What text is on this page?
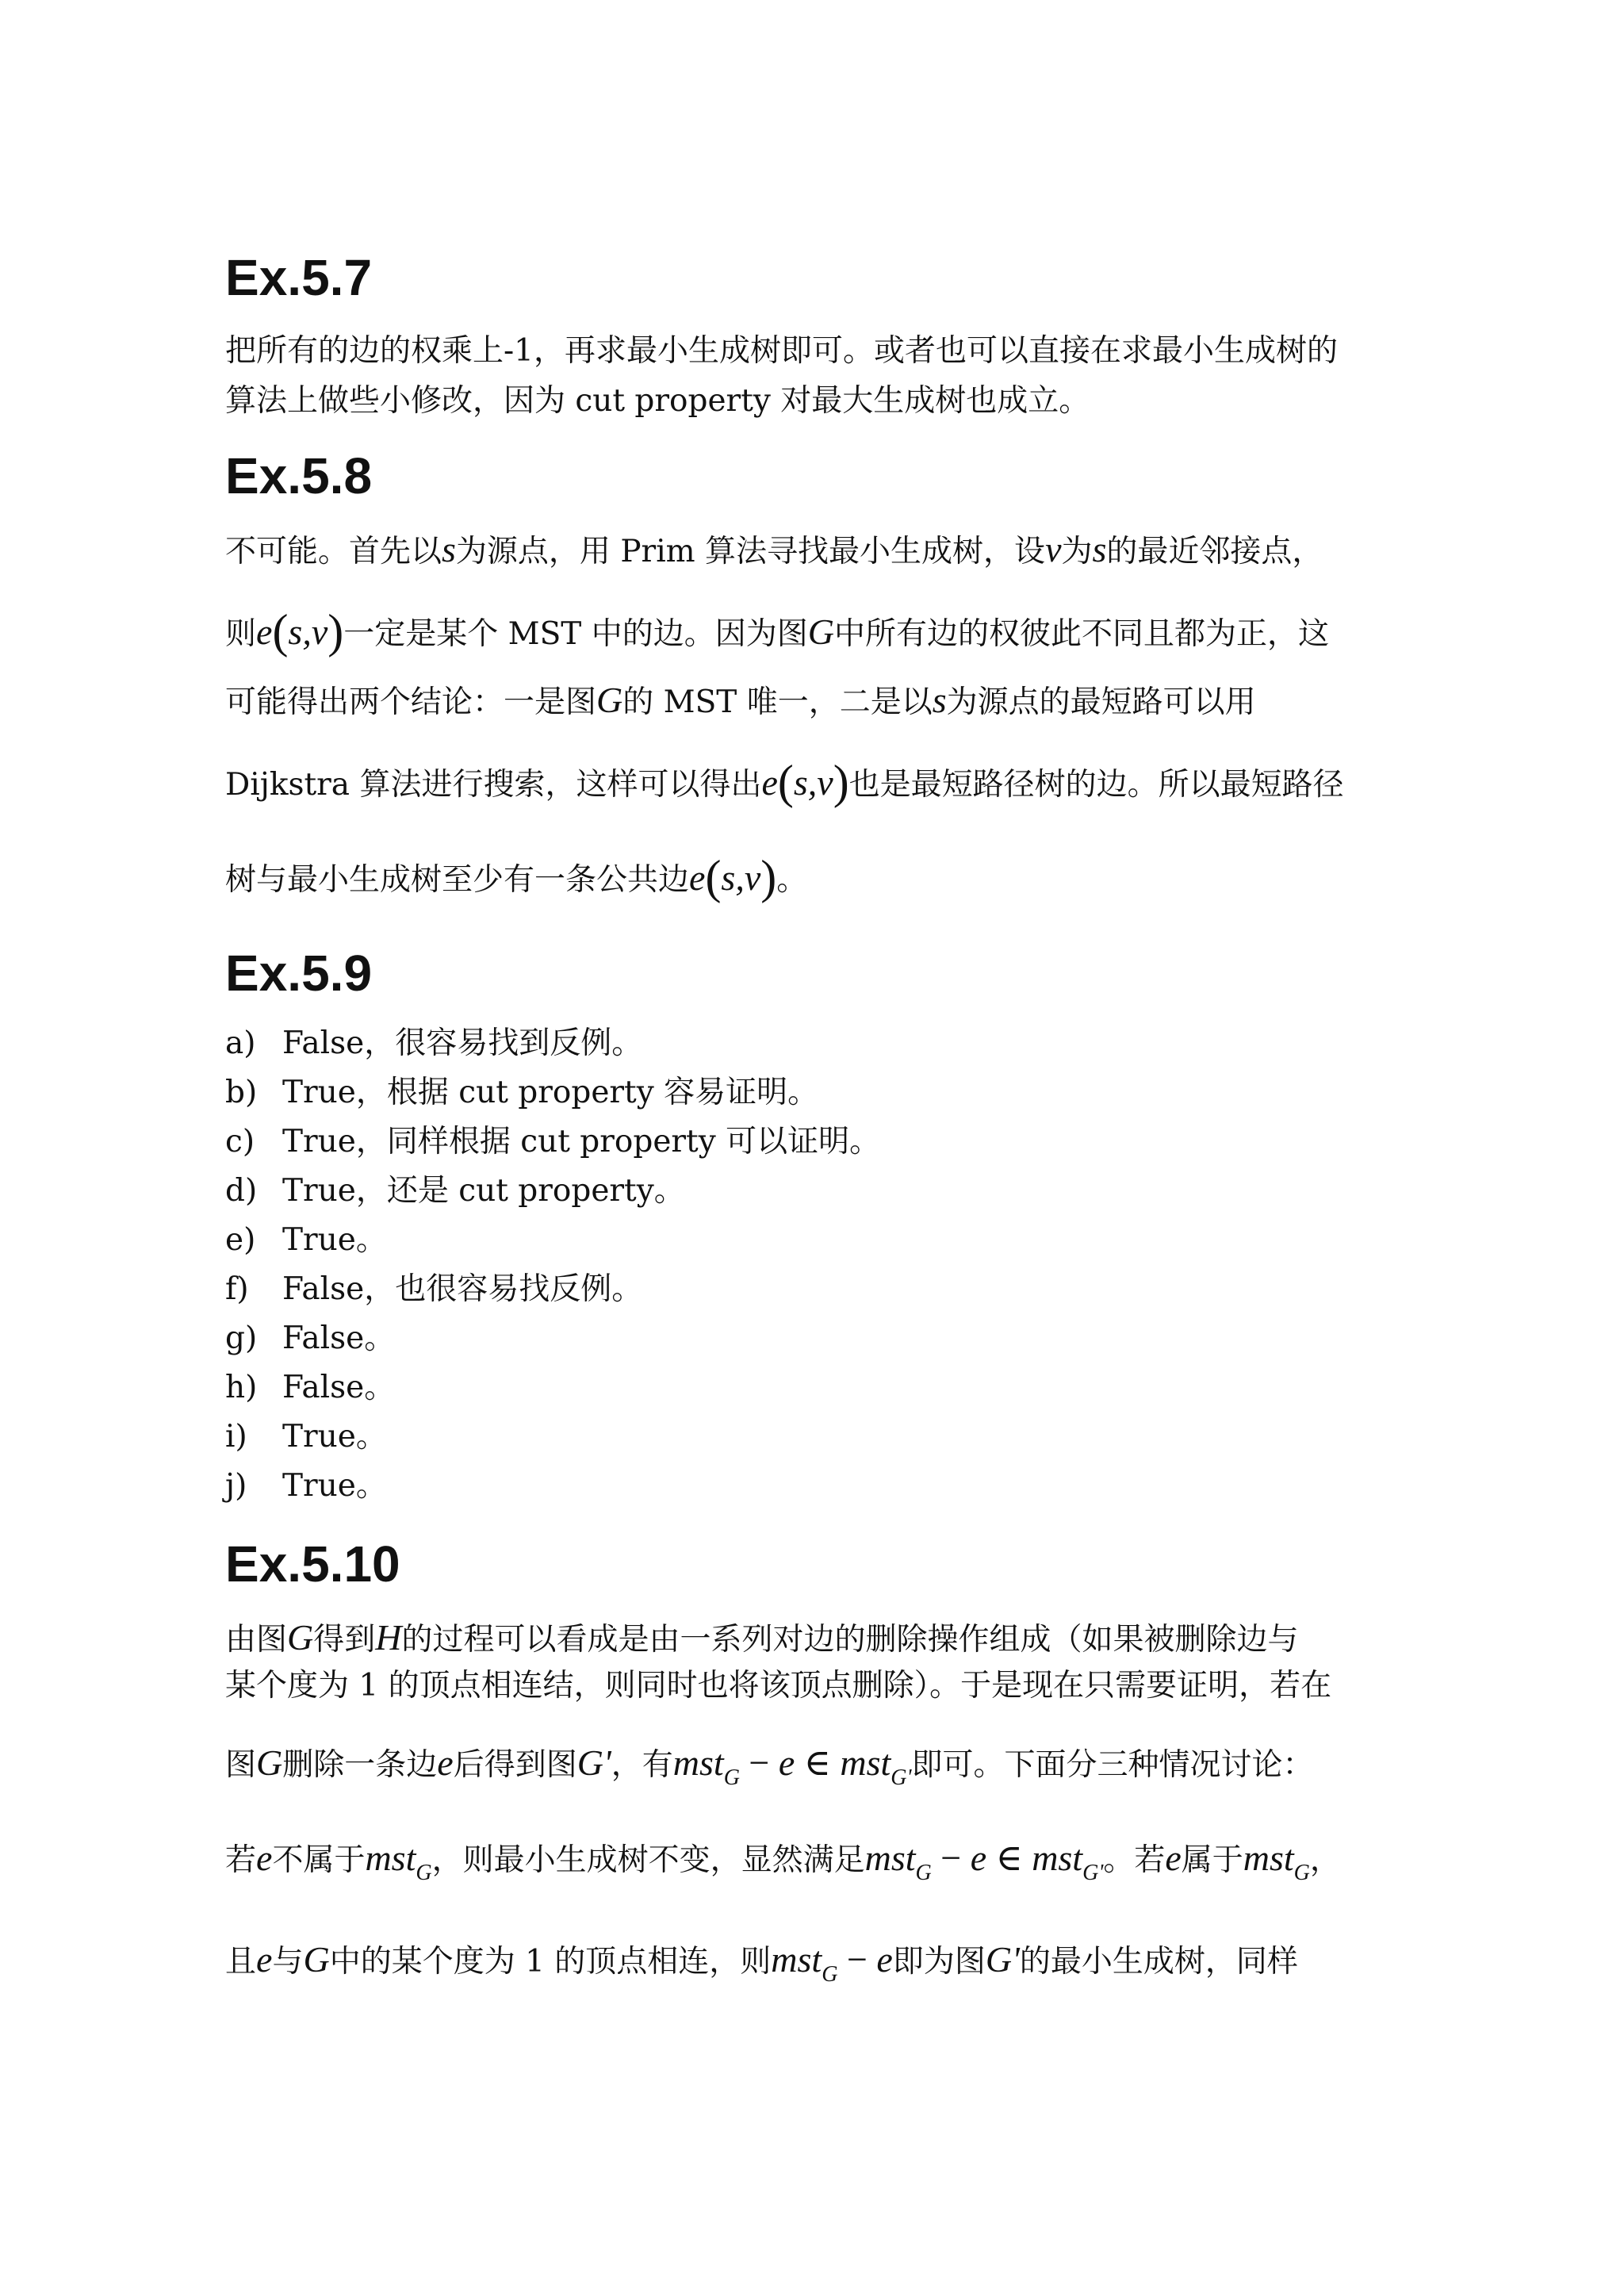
Ex.5.7

把所有的边的权乘上-1，再求最小生成树即可。或者也可以直接在求最小生成树的

算法上做些小修改，因为 cut property 对最大生成树也成立。

Ex.5.8

不可能。首先以s为源点，用 Prim 算法寻找最小生成树，设v为s的最近邻接点，

则e(s,v)一定是某个 MST 中的边。因为图G中所有边的权彼此不同且都为正，这

可能得出两个结论：一是图G的 MST 唯一，二是以s为源点的最短路可以用

Dijkstra 算法进行搜索，这样可以得出e(s,v)也是最短路径树的边。所以最短路径

树与最小生成树至少有一条公共边e(s,v)。

Ex.5.9
a) False，很容易找到反例。
b) True，根据 cut property 容易证明。
c) True，同样根据 cut property 可以证明。
d) True，还是 cut property。
e) True。
f) False，也很容易找反例。
g) False。
h) False。
i) True。
j) True。
Ex.5.10

由图G得到H的过程可以看成是由一系列对边的删除操作组成（如果被删除边与

某个度为 1 的顶点相连结，则同时也将该顶点删除）。于是现在只需要证明，若在

图G删除一条边e后得到图G'，有mst$_G$ − e ∈ mst$_{G'}$即可。下面分三种情况讨论：

若e不属于mst$_G$，则最小生成树不变，显然满足mst$_G$ − e ∈ mst$_{G'}$。若e属于mst$_G$，

且e与G中的某个度为 1 的顶点相连，则mst$_G$ − e即为图G'的最小生成树，同样
